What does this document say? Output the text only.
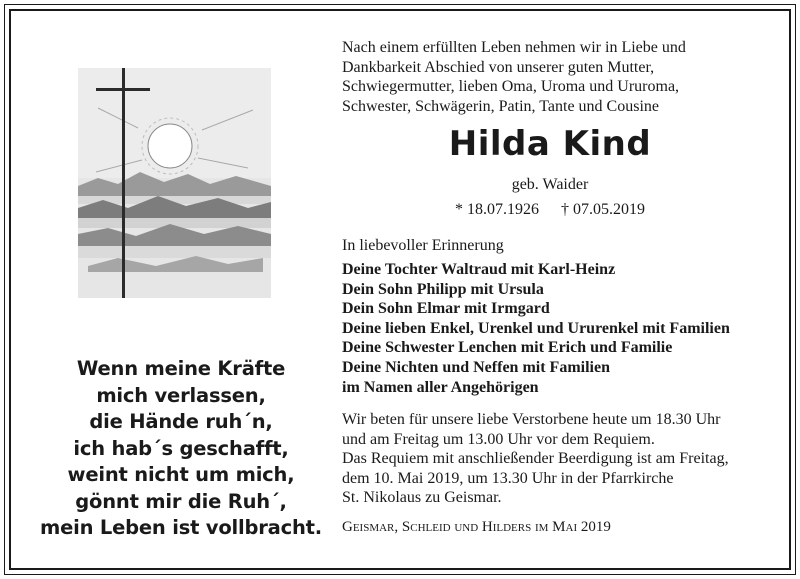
Wenn meine Kräfte
mich verlassen,
die Hände ruh´n,
ich hab´s geschafft,
weint nicht um mich,
gönnt mir die Ruh´,
mein Leben ist vollbracht.
Nach einem erfüllten Leben nehmen wir in Liebe und
Dankbarkeit Abschied von unserer guten Mutter,
Schwiegermutter, lieben Oma, Uroma und Ururoma,
Schwester, Schwägerin, Patin, Tante und Cousine
Hilda Kind
geb. Waider
* 18.07.1926 † 07.05.2019
In liebevoller Erinnerung
Deine Tochter Waltraud mit Karl-Heinz
Dein Sohn Philipp mit Ursula
Dein Sohn Elmar mit Irmgard
Deine lieben Enkel, Urenkel und Ururenkel mit Familien
Deine Schwester Lenchen mit Erich und Familie
Deine Nichten und Neffen mit Familien
im Namen aller Angehörigen
Wir beten für unsere liebe Verstorbene heute um 18.30 Uhr
und am Freitag um 13.00 Uhr vor dem Requiem.
Das Requiem mit anschließender Beerdigung ist am Freitag,
dem 10. Mai 2019, um 13.30 Uhr in der Pfarrkirche
St. Nikolaus zu Geismar.
Geismar, Schleid und Hilders im Mai 2019
